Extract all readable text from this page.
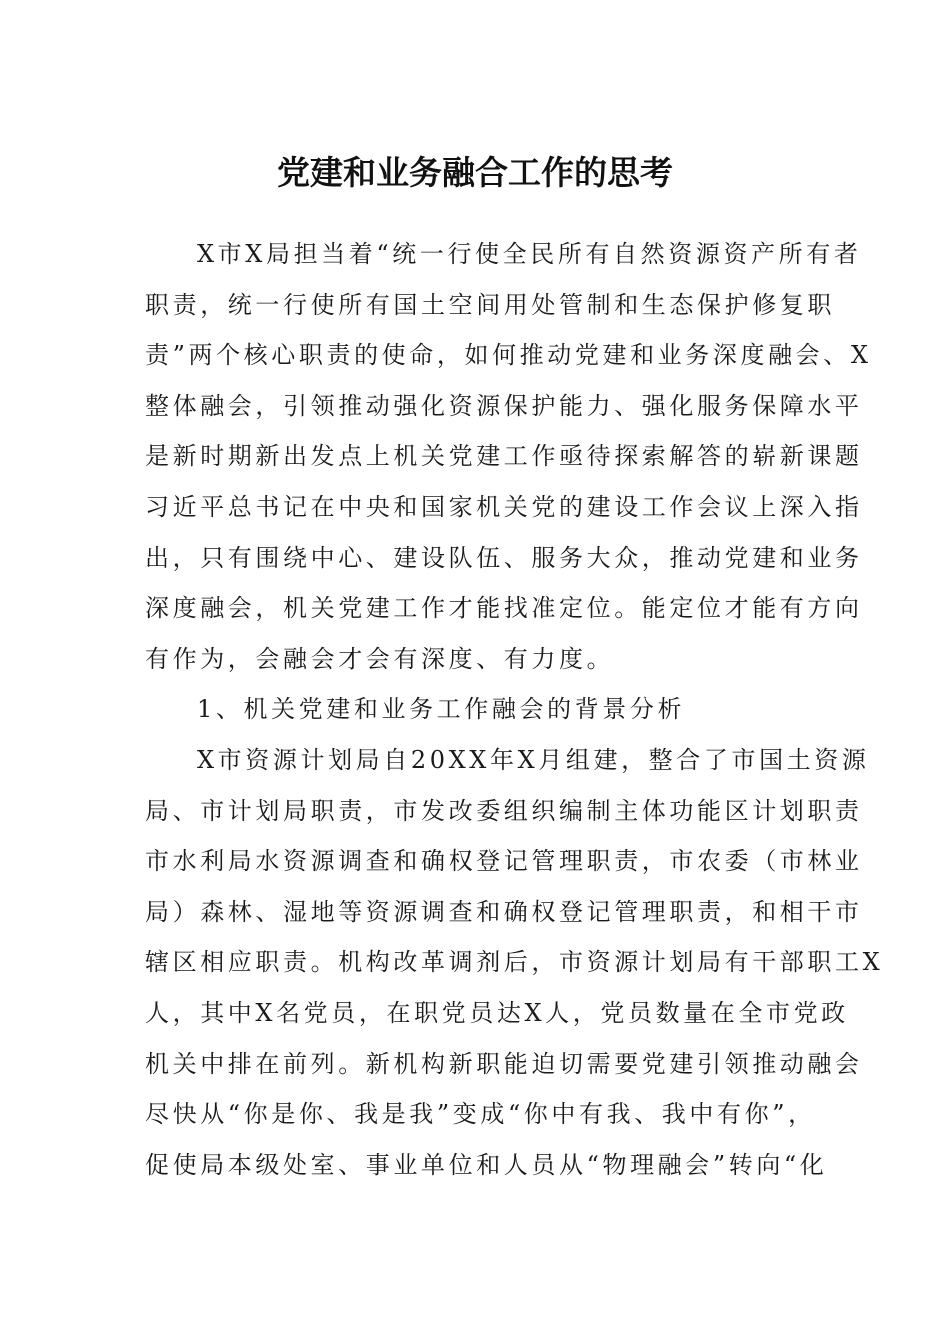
党建和业务融合工作的思考
X市X局担当着“统一行使全民所有自然资源资产所有者
职责，统一行使所有国土空间用处管制和生态保护修复职
责”两个核心职责的使命，如何推动党建和业务深度融会、X
整体融会，引领推动强化资源保护能力、强化服务保障水平
是新时期新出发点上机关党建工作亟待探索解答的崭新课题
习近平总书记在中央和国家机关党的建设工作会议上深入指
出，只有围绕中心、建设队伍、服务大众，推动党建和业务
深度融会，机关党建工作才能找准定位。能定位才能有方向
有作为，会融会才会有深度、有力度。
1、机关党建和业务工作融会的背景分析
X市资源计划局自20XX年X月组建，整合了市国土资源
局、市计划局职责，市发改委组织编制主体功能区计划职责
市水利局水资源调查和确权登记管理职责，市农委（市林业
局）森林、湿地等资源调查和确权登记管理职责，和相干市
辖区相应职责。机构改革调剂后，市资源计划局有干部职工X
人，其中X名党员，在职党员达X人，党员数量在全市党政
机关中排在前列。新机构新职能迫切需要党建引领推动融会
尽快从“你是你、我是我”变成“你中有我、我中有你”，
促使局本级处室、事业单位和人员从“物理融会”转向“化
